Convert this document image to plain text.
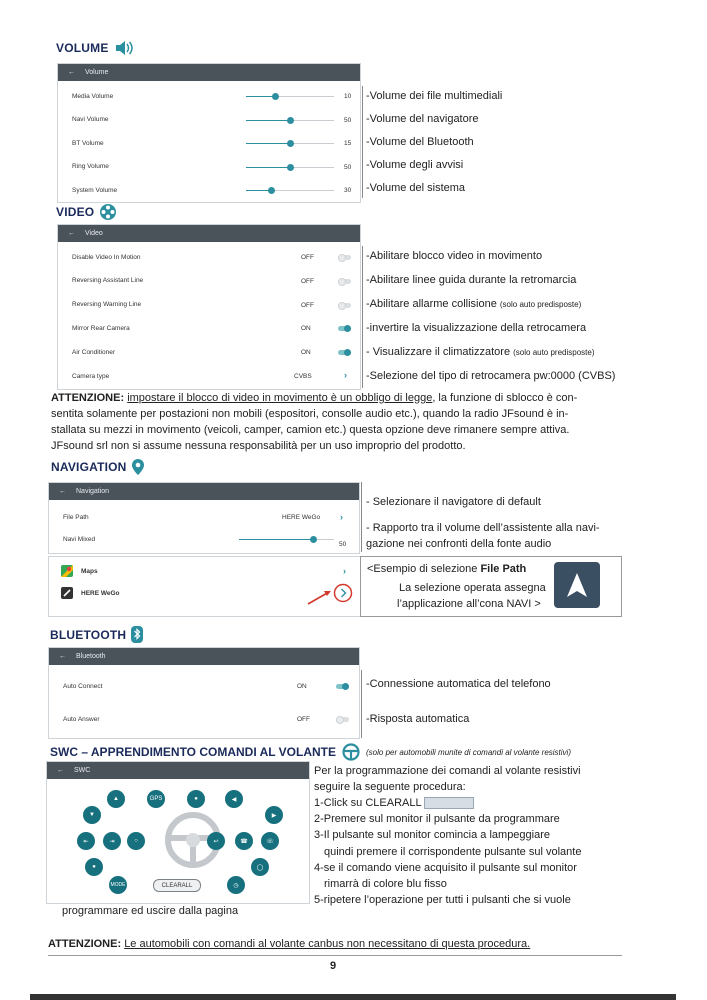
VOLUME
← Volume
Media Volume	10
Navi Volume	50
BT Volume	15
Ring Volume	50
System Volume	30
-Volume dei file multimediali
-Volume del navigatore
-Volume del Bluetooth
-Volume degli avvisi
-Volume del sistema
VIDEO
← Video
Disable Video In Motion	OFF
Reversing Assistant Line	OFF
Reversing Warning Line	OFF
Mirror Rear Camera	ON
Air Conditioner	ON
Camera type	CVBS	›
-Abilitare blocco video in movimento
-Abilitare linee guida durante la retromarcia
-Abilitare allarme collisione (solo auto predisposte)
-invertire la visualizzazione della retrocamera
- Visualizzare il climatizzatore (solo auto predisposte)
-Selezione del tipo di retrocamera pw:0000 (CVBS)
ATTENZIONE: impostare il blocco di video in movimento è un obbligo di legge, la funzione di sblocco è con-
sentita solamente per postazioni non mobili (espositori, consolle audio etc.), quando la radio JFsound è in-
stallata su mezzi in movimento (veicoli, camper, camion etc.) questa opzione deve rimanere sempre attiva.
JFsound srl non si assume nessuna responsabilità per un uso improprio del prodotto.
NAVIGATION
← Navigation
File Path	HERE WeGo ›
Navi Mixed
50
- Selezionare il navigatore di default
- Rapporto tra il volume dell’assistente alla navi-
gazione nei confronti della fonte audio
Maps	›
HERE WeGo
<Esempio di selezione File Path
La selezione operata assegna
l’applicazione all’cona NAVI >
BLUETOOTH
← Bluetooth
Auto Connect	ON
Auto Answer	OFF
-Connessione automatica del telefono
-Risposta automatica
SWC – APPRENDIMENTO COMANDI AL VOLANTE	(solo per automobili munite di comandi al volante resistivi)
← SWC
▲	GPS	●	◀
▼	▶
⇤	⇥	○	↩	☎	☏
●	◯
MODE	CLEARALL	◷
Per la programmazione dei comandi al volante resistivi
seguire la seguente procedura:
1-Click su CLEARALL
2-Premere sul monitor il pulsante da programmare
3-Il pulsante sul monitor comincia a lampeggiare
quindi premere il corrispondente pulsante sul volante
4-se il comando viene acquisito il pulsante sul monitor
rimarrà di colore blu fisso
5-ripetere l’operazione per tutti i pulsanti che si vuole
programmare ed uscire dalla pagina
ATTENZIONE: Le automobili con comandi al volante canbus non necessitano di questa procedura.
9
